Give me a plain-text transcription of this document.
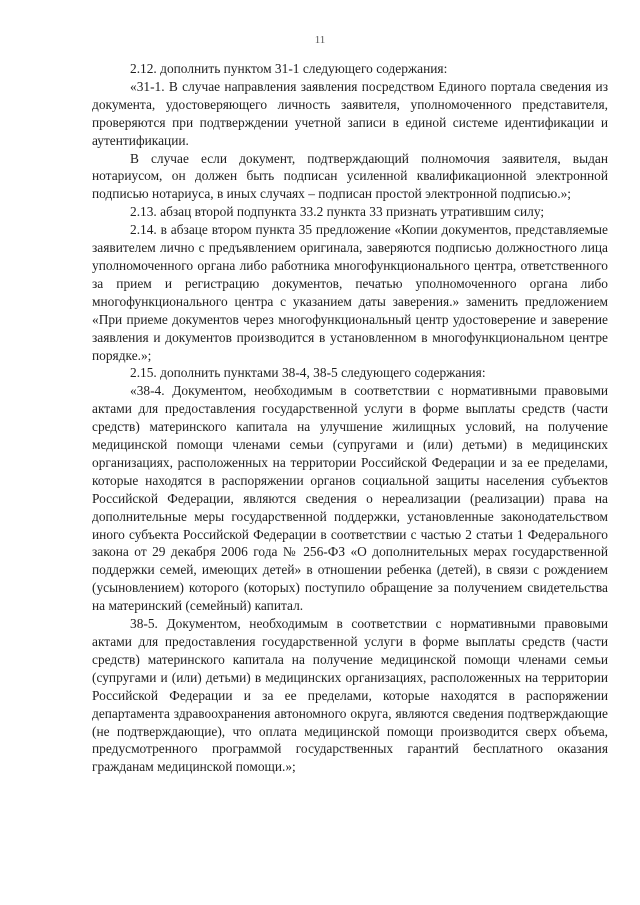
11

2.12. дополнить пунктом 31-1 следующего содержания:

«31-1. В случае направления заявления посредством Единого портала сведения из документа, удостоверяющего личность заявителя, уполномоченного представителя, проверяются при подтверждении учетной записи в единой системе идентификации и аутентификации.

В случае если документ, подтверждающий полномочия заявителя, выдан нотариусом, он должен быть подписан усиленной квалификационной электронной подписью нотариуса, в иных случаях – подписан простой электронной подписью.»;

2.13. абзац второй подпункта 33.2 пункта 33 признать утратившим силу;

2.14. в абзаце втором пункта 35 предложение «Копии документов, представляемые заявителем лично с предъявлением оригинала, заверяются подписью должностного лица уполномоченного органа либо работника многофункционального центра, ответственного за прием и регистрацию документов, печатью уполномоченного органа либо многофункционального центра с указанием даты заверения.» заменить предложением «При приеме документов через многофункциональный центр удостоверение и заверение заявления и документов производится в установленном в многофункциональном центре порядке.»;

2.15. дополнить пунктами 38-4, 38-5 следующего содержания:

«38-4. Документом, необходимым в соответствии с нормативными правовыми актами для предоставления государственной услуги в форме выплаты средств (части средств) материнского капитала на улучшение жилищных условий, на получение медицинской помощи членами семьи (супругами и (или) детьми) в медицинских организациях, расположенных на территории Российской Федерации и за ее пределами, которые находятся в распоряжении органов социальной защиты населения субъектов Российской Федерации, являются сведения о нереализации (реализации) права на дополнительные меры государственной поддержки, установленные законодательством иного субъекта Российской Федерации в соответствии с частью 2 статьи 1 Федерального закона от 29 декабря 2006 года № 256-ФЗ «О дополнительных мерах государственной поддержки семей, имеющих детей» в отношении ребенка (детей), в связи с рождением (усыновлением) которого (которых) поступило обращение за получением свидетельства на материнский (семейный) капитал.

38-5. Документом, необходимым в соответствии с нормативными правовыми актами для предоставления государственной услуги в форме выплаты средств (части средств) материнского капитала на получение медицинской помощи членами семьи (супругами и (или) детьми) в медицинских организациях, расположенных на территории Российской Федерации и за ее пределами, которые находятся в распоряжении департамента здравоохранения автономного округа, являются сведения подтверждающие (не подтверждающие), что оплата медицинской помощи производится сверх объема, предусмотренного программой государственных гарантий бесплатного оказания гражданам медицинской помощи.»;
